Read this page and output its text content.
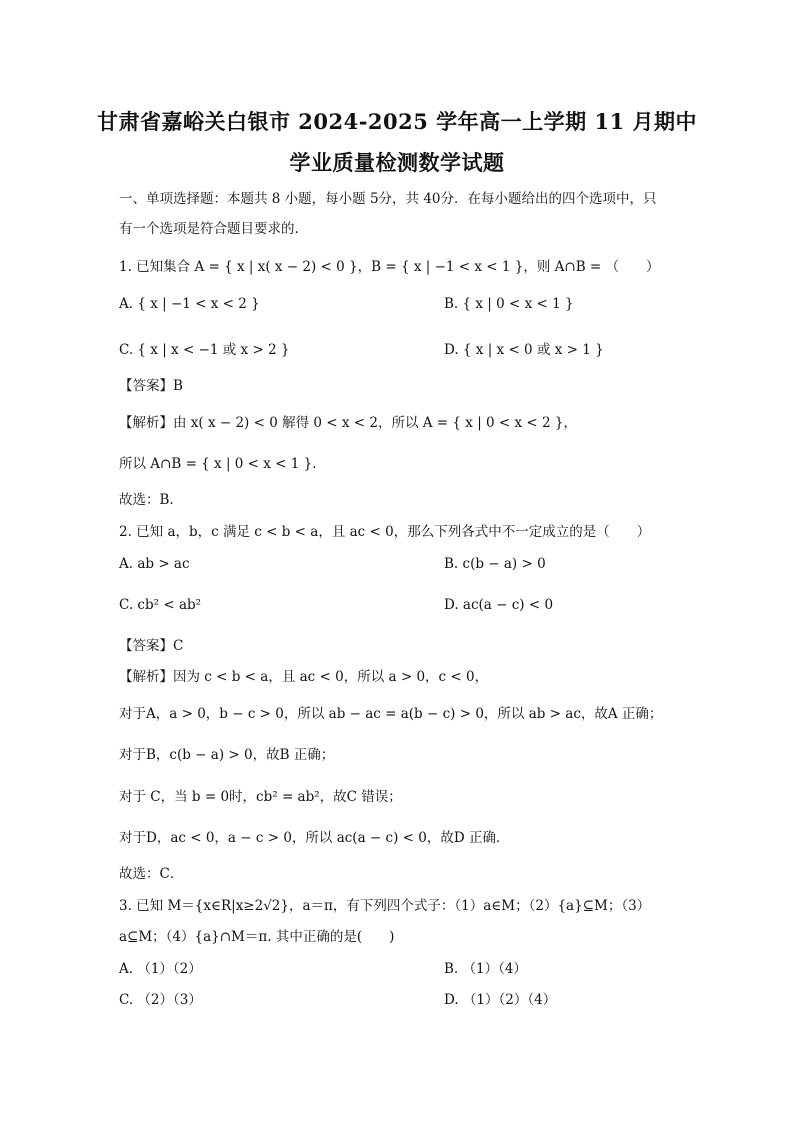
甘肃省嘉峪关白银市 2024-2025 学年高一上学期 11 月期中
学业质量检测数学试题
一、单项选择题：本题共 8 小题，每小题 5分，共 40分．在每小题给出的四个选项中，只
有一个选项是符合题目要求的.
1. 已知集合 A = { x | x( x − 2) < 0 }，B = { x | −1 < x < 1 }，则 A∩B = （　　）
A. { x | −1 < x < 2 }	B. { x | 0 < x < 1 }
C. { x | x < −1 或 x > 2 }	D. { x | x < 0 或 x > 1 }
【答案】B
【解析】由 x( x − 2) < 0 解得 0 < x < 2，所以 A = { x | 0 < x < 2 }，
所以 A∩B = { x | 0 < x < 1 }.
故选：B.
2. 已知 a，b，c 满足 c < b < a，且 ac < 0，那么下列各式中不一定成立的是（　　）
A. ab > ac	B. c(b − a) > 0
C. cb² < ab²	D. ac(a − c) < 0
【答案】C
【解析】因为 c < b < a，且 ac < 0，所以 a > 0，c < 0，
对于A，a > 0，b − c > 0，所以 ab − ac = a(b − c) > 0，所以 ab > ac，故A 正确；
对于B，c(b − a) > 0，故B 正确；
对于 C，当 b = 0时，cb² = ab²，故C 错误；
对于D，ac < 0，a − c > 0，所以 ac(a − c) < 0，故D 正确．
故选：C．
3. 已知 M＝{x∈R|x≥2√2}，a＝π，有下列四个式子：（1）a∈M；（2）{a}⊆M；（3）
a⊆M；（4）{a}∩M＝π. 其中正确的是(　　)
A. （1）（2）	B. （1）（4）
C. （2）（3）	D. （1）（2）（4）
